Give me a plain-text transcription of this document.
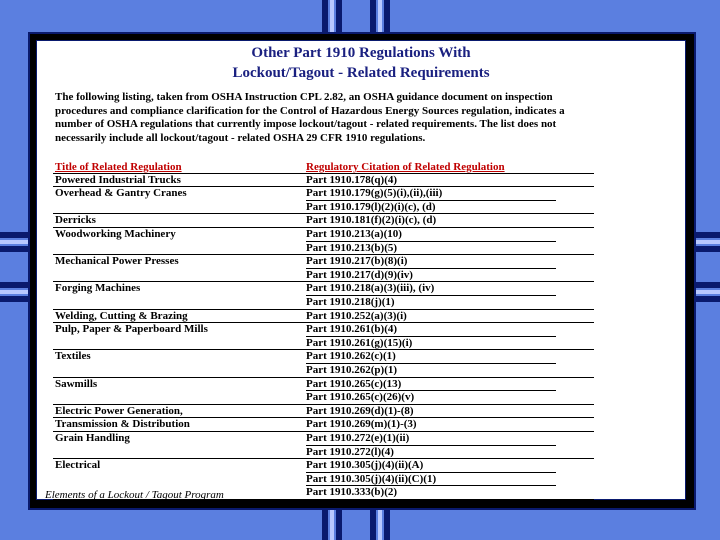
Other Part 1910 Regulations With
Lockout/Tagout - Related Requirements
The following listing, taken from OSHA Instruction CPL 2.82, an OSHA guidance document on inspection procedures and compliance clarification for the Control of Hazardous Energy Sources regulation, indicates a number of OSHA regulations that currently impose lockout/tagout - related requirements. The list does not necessarily include all lockout/tagout - related OSHA 29 CFR 1910 regulations.
Title of Related Regulation	Regulatory Citation of Related Regulation
Powered Industrial Trucks	Part 1910.178(q)(4)
Overhead & Gantry Cranes	Part 1910.179(g)(5)(i),(ii),(iii)
Part 1910.179(l)(2)(i)(c), (d)
Derricks	Part 1910.181(f)(2)(i)(c), (d)
Woodworking Machinery	Part 1910.213(a)(10)
Part 1910.213(b)(5)
Mechanical Power Presses	Part 1910.217(b)(8)(i)
Part 1910.217(d)(9)(iv)
Forging Machines	Part 1910.218(a)(3)(iii), (iv)
Part 1910.218(j)(1)
Welding, Cutting & Brazing	Part 1910.252(a)(3)(i)
Pulp, Paper & Paperboard Mills	Part 1910.261(b)(4)
Part 1910.261(g)(15)(i)
Textiles	Part 1910.262(c)(1)
Part 1910.262(p)(1)
Sawmills	Part 1910.265(c)(13)
Part 1910.265(c)(26)(v)
Electric Power Generation,	Part 1910.269(d)(1)-(8)
Transmission & Distribution	Part 1910.269(m)(1)-(3)
Grain Handling	Part 1910.272(e)(1)(ii)
Part 1910.272(l)(4)
Electrical	Part 1910.305(j)(4)(ii)(A)
Part 1910.305(j)(4)(ii)(C)(1)
Part 1910.333(b)(2)
Elements of a Lockout / Tagout Program
